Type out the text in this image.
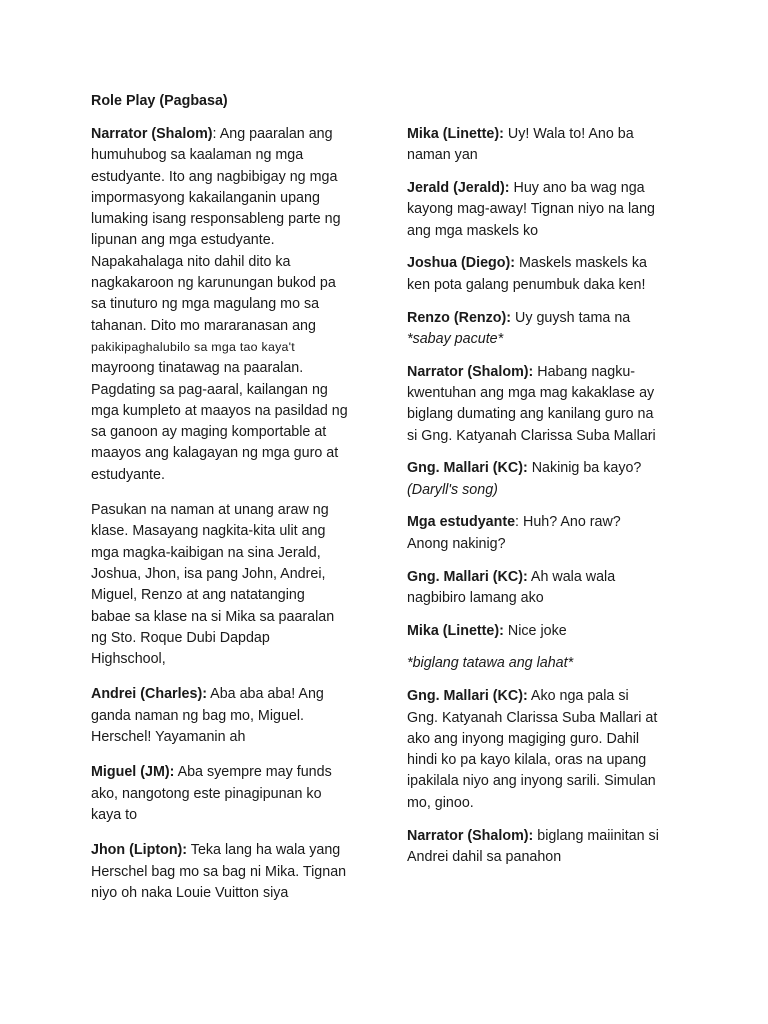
Role Play (Pagbasa)

Narrator (Shalom): Ang paaralan ang
humuhubog sa kaalaman ng mga
estudyante. Ito ang nagbibigay ng mga
impormasyong kakailanganin upang
lumaking isang responsableng parte ng
lipunan ang mga estudyante.
Napakahalaga nito dahil dito ka
nagkakaroon ng karunungan bukod pa
sa tinuturo ng mga magulang mo sa
tahanan. Dito mo mararanasan ang
pakikipaghalubilo sa mga tao kaya't
mayroong tinatawag na paaralan.
Pagdating sa pag-aaral, kailangan ng
mga kumpleto at maayos na pasildad ng
sa ganoon ay maging komportable at
maayos ang kalagayan ng mga guro at
estudyante.

Pasukan na naman at unang araw ng
klase. Masayang nagkita-kita ulit ang
mga magka-kaibigan na sina Jerald,
Joshua, Jhon, isa pang John, Andrei,
Miguel, Renzo at ang natatanging
babae sa klase na si Mika sa paaralan
ng Sto. Roque Dubi Dapdap
Highschool,

Andrei (Charles): Aba aba aba! Ang
ganda naman ng bag mo, Miguel.
Herschel! Yayamanin ah

Miguel (JM): Aba syempre may funds
ako, nangotong este pinagipunan ko
kaya to

Jhon (Lipton): Teka lang ha wala yang
Herschel bag mo sa bag ni Mika. Tignan
niyo oh naka Louie Vuitton siya

Mika (Linette): Uy! Wala to! Ano ba
naman yan

Jerald (Jerald): Huy ano ba wag nga
kayong mag-away! Tignan niyo na lang
ang mga maskels ko

Joshua (Diego): Maskels maskels ka
ken pota galang penumbuk daka ken!

Renzo (Renzo): Uy guysh tama na
*sabay pacute*

Narrator (Shalom): Habang nagku-
kwentuhan ang mga mag kakaklase ay
biglang dumating ang kanilang guro na
si Gng. Katyanah Clarissa Suba Mallari

Gng. Mallari (KC): Nakinig ba kayo?
(Daryll's song)

Mga estudyante: Huh? Ano raw?
Anong nakinig?

Gng. Mallari (KC): Ah wala wala
nagbibiro lamang ako

Mika (Linette): Nice joke

*biglang tatawa ang lahat*

Gng. Mallari (KC): Ako nga pala si
Gng. Katyanah Clarissa Suba Mallari at
ako ang inyong magiging guro. Dahil
hindi ko pa kayo kilala, oras na upang
ipakilala niyo ang inyong sarili. Simulan
mo, ginoo.

Narrator (Shalom): biglang maiinitan si
Andrei dahil sa panahon
